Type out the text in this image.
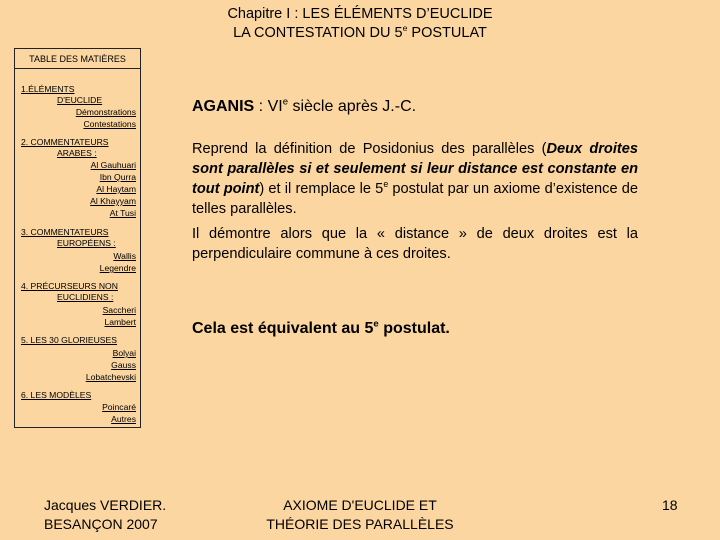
Chapitre I : LES ÉLÉMENTS D’EUCLIDE
LA CONTESTATION DU 5e POSTULAT
TABLE DES MATIÈRES
1.ÉLÉMENTS
D'EUCLIDE
Démonstrations
Contestations
2. COMMENTATEURS
ARABES :
Al Gauhuari
Ibn Qurra
Al Haytam
Al Khayyam
At Tusi
3. COMMENTATEURS
EUROPÉENS :
Wallis
Legendre
4. PRÉCURSEURS NON
EUCLIDIENS :
Saccheri
Lambert
5. LES 30 GLORIEUSES
Bolyai
Gauss
Lobatchevski
6. LES MODÈLES
Poincaré
Autres
AGANIS : VIe siècle après J.-C.
Reprend la définition de Posidonius des parallèles (Deux droites sont parallèles si et seulement si leur distance est constante en tout point) et il remplace le 5e postulat par un axiome d’existence de telles parallèles.
Il démontre alors que la « distance » de deux droites est la perpendiculaire commune à ces droites.
Cela est équivalent au 5e postulat.
Jacques VERDIER.
BESANÇON 2007
AXIOME D'EUCLIDE ET
THÉORIE DES PARALLÈLES
18
